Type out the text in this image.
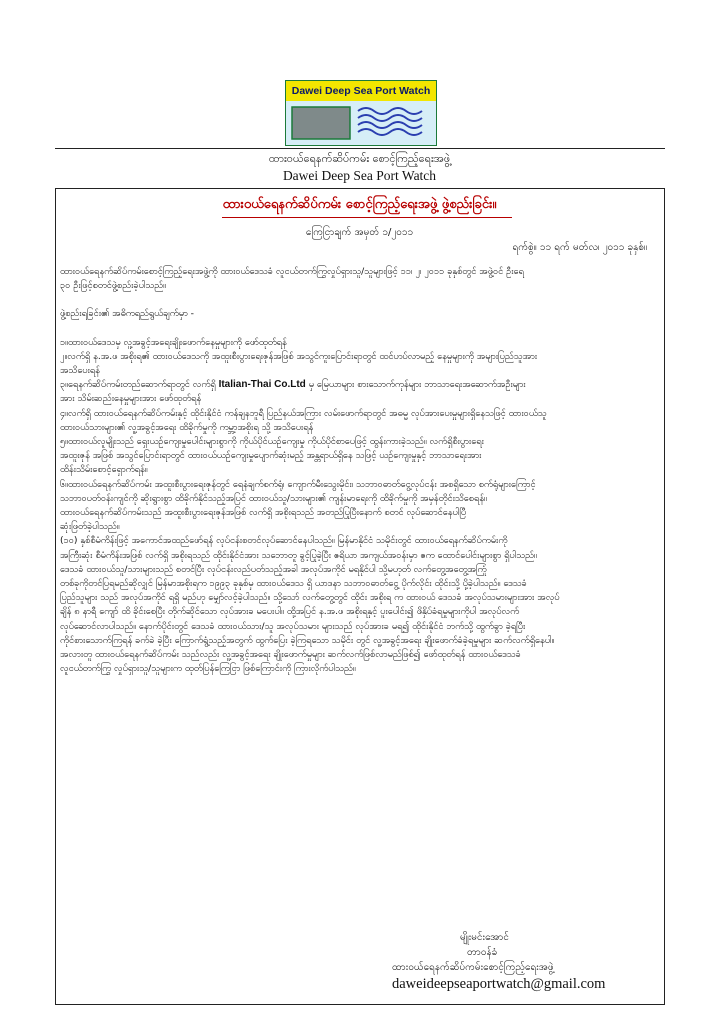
Dawei Deep Sea Port Watch
ထားဝယ်ရေနက်ဆိပ်ကမ်း စောင့်ကြည့်ရေးအဖွဲ့
Dawei Deep Sea Port Watch
ထားဝယ်ရေနက်ဆိပ်ကမ်း စောင့်ကြည့်ရေးအဖွဲ့ ဖွဲ့စည်းခြင်း။
ကြေငြာချက် အမှတ် ၁/၂၀၁၁
ရက်စွဲ။ ၁၁ ရက် မတ်လ၊ ၂၀၁၁ ခုနှစ်။

ထားဝယ်ရေနက်ဆိပ်ကမ်းစောင့်ကြည့်ရေးအဖွဲ့ကို ထားဝယ်ဒေသခံ လူငယ်တက်ကြွလှုပ်ရှားသူ/သူများဖြင့် ၁၁၊ ၂၊ ၂၀၁၁ ခုနှစ်တွင် အဖွဲ့ဝင် ဦးရေ

၃၀ ဦးဖြင့်စတင်ဖွဲ့စည်းခဲ့ပါသည်။

ဖွဲ့စည်းရခြင်း၏ အဓိကရည်ရွယ်ချက်မှာ -

၁။ထားဝယ်ဒေသမှ လူ့အခွင့်အရေးချိုးဖောက်နေမှုများကို ဖော်ထုတ်ရန်

၂။လက်ရှိ န.အ.ဖ အစိုးရ၏ ထားဝယ်ဒေသကို အထူးစီးပွားရေးဇုန်အဖြစ် အသွင်ကူးပြောင်းရာတွင် ထင်ဟပ်လာမည့် နေမှုများကို အများပြည်သူအား

အသိပေးရန်

၃။ရေနက်ဆိပ်ကမ်းတည်ဆောက်ရာတွင် လက်ရှိ Italian-Thai Co.Ltd မှ မြေယာများ စားသောက်ကုန်များ ဘာသာရေးအဆောက်အဦးများ

အား သိမ်းဆည်းနေမှုများအား ဖော်ထုတ်ရန်

၄။လက်ရှိ ထားဝယ်ရေနက်ဆိပ်ကမ်းနှင့် ထိုင်းနိုင်ငံ ကန်ချနဘူရီ ပြည်နယ်အကြား လမ်းဖောက်ရာတွင် အဓမ္မ လုပ်အားပေးမှုများရှိနေသဖြင့် ထားဝယ်သူ

ထားဝယ်သားများ၏ လူ့အခွင့်အရေး ထိခိုက်မှုကို ကမ္ဘာ့အစိုးရ သို့ အသိပေးရန်

၅။ထားဝယ်လူမျိုးသည် ရှေးယဉ်ကျေးမှုပေါင်းများစွာကို ကိုယ်ပိုင်ယဉ်ကျေးမှု ကိုယ်ပိုင်စာပေဖြင့် ထွန်းကားခဲ့သည်။ လက်ရှိစီးပွားရေး

အထူးဇုန် အဖြစ် အသွင်ပြောင်းရာတွင် ထားဝယ်ယဉ်ကျေးမှုပျောက်ဆုံးမည့် အန္တရာယ်ရှိနေ သဖြင့် ယဉ်ကျေးမှုနှင့် ဘာသာရေးအား

ထိန်းသိမ်းစောင့်ရှောက်ရန်။

၆။ထားဝယ်ရေနက်ဆိပ်ကမ်း အထူးစီးပွားရေးဇုန်တွင် ရေနံချက်စက်ရုံ၊ ကျောက်မီးသွေးမိုင်း၊ သဘာဝဓာတ်ငွေ့လုပ်ငန်း အစရှိသော စက်ရုံများကြောင့်

သဘာဝပတ်ဝန်းကျင်ကို ဆိုးရွားစွာ ထိခိုက်နိုင်သည့်အပြင် ထားဝယ်သူ/သားများ၏ ကျန်းမာရေးကို ထိခိုက်မှုကို အမှန်တိုင်းသိစေရန်။

ထားဝယ်ရေနက်ဆိပ်ကမ်းသည် အထူးစီးပွားရေးဇုန်အဖြစ် လက်ရှိ အစိုးရသည် အတည်ပြုပြီးနောက် စတင် လုပ်ဆောင်နေပါပြီ

ဆုံးဖြတ်ခဲ့ပါသည်။

(၁၀) နှစ်စီမံကိန်းဖြင့် အကောင်အထည်ဖော်ရန် လုပ်ငန်းစတင်လုပ်ဆောင်နေပါသည်။ မြန်မာနိုင်ငံ သမိုင်းတွင် ထားဝယ်ရေနက်ဆိပ်ကမ်းကို

အကြီးဆုံး စီမံကိန်းအဖြစ် လက်ရှိ အစိုးရသည် ထိုင်းနိုင်ငံအား သဘောတူ ခွင့်ပြုခဲ့ပြီး ဧရိယာ အကျယ်အဝန်းမှာ ဧက ထောင်ပေါင်းများစွာ ရှိပါသည်။

ဒေသခံ ထားဝယ်သူ/သားများသည် စတင်ပြီး လုပ်ငန်းလည်ပတ်သည့်အခါ အလုပ်အကိုင် မရနိုင်ပါ သို့မဟုတ် လက်တွေ့အတွေ့အကြုံ

တစ်ခုကိုတင်ပြရမည်ဆိုလျှင် မြန်မာအစိုးရက ၁၉၉၃ ခုနှစ်မှ ထားဝယ်ဒေသ ရှိ ယာဒနာ သဘာဝဓာတ်ငွေ့ ပိုက်လိုင်း ထိုင်းသို့ ပို့ခဲ့ပါသည်။ ဒေသခံ

ပြည်သူများ သည် အလုပ်အကိုင် ရရှိ မည်ဟု မျှော်လင့်ခဲ့ပါသည်။ သို့သော် လက်တွေ့တွင် ထိုင်း အစိုးရ က ထားဝယ် ဒေသခံ အလုပ်သမားများအား အလုပ်

ချိန် ၈ နာရီ ကျော် ထိ ခိုင်းစေပြီး တိုက်ဆိုင်သော လုပ်အားခ မပေးပါ။ ထို့အပြင် န.အ.ဖ အစိုးရနှင့် ပူးပေါင်း၍ ဖိနှိပ်ခံရမှုများကိုပါ အလုပ်လက်

လုပ်ဆောင်လာပါသည်။ နောက်ပိုင်းတွင် ဒေသခံ ထားဝယ်သား/သူ အလုပ်သမား များသည် လုပ်အားခ မရ၍ ထိုင်းနိုင်ငံ ဘက်သို့ ထွက်ခွာ ခဲ့ရပြီး

ကိုင်စားသောက်ကြရန် ခက်ခဲ ခဲ့ပြီး ကြောက်ရွံ့သည့်အတွက် ထွက်ပြေး ခဲ့ကြရသော သမိုင်း တွင် လူ့အခွင့်အရေး ချိုးဖောက်ခံခဲ့ရမှုများ ဆက်လက်ရှိနေပါ။

အလားတူ ထားဝယ်ရေနက်ဆိပ်ကမ်း သည်လည်း လူ့အခွင့်အရေး ချိုးဖောက်မှုများ ဆက်လက်ဖြစ်လာမည်ဖြစ်၍ ဖော်ထုတ်ရန် ထားဝယ်ဒေသခံ

လူငယ်တက်ကြွ လှုပ်ရှားသူ/သူများက ထုတ်ပြန်ကြေငြာ ဖြစ်ကြောင်းကို ကြားလိုက်ပါသည်။

မျိုးမင်းအောင်

တာဝန်ခံ

ထားဝယ်ရေနက်ဆိပ်ကမ်းစောင့်ကြည့်ရေးအဖွဲ့

daweideepseaportwatch@gmail.com
